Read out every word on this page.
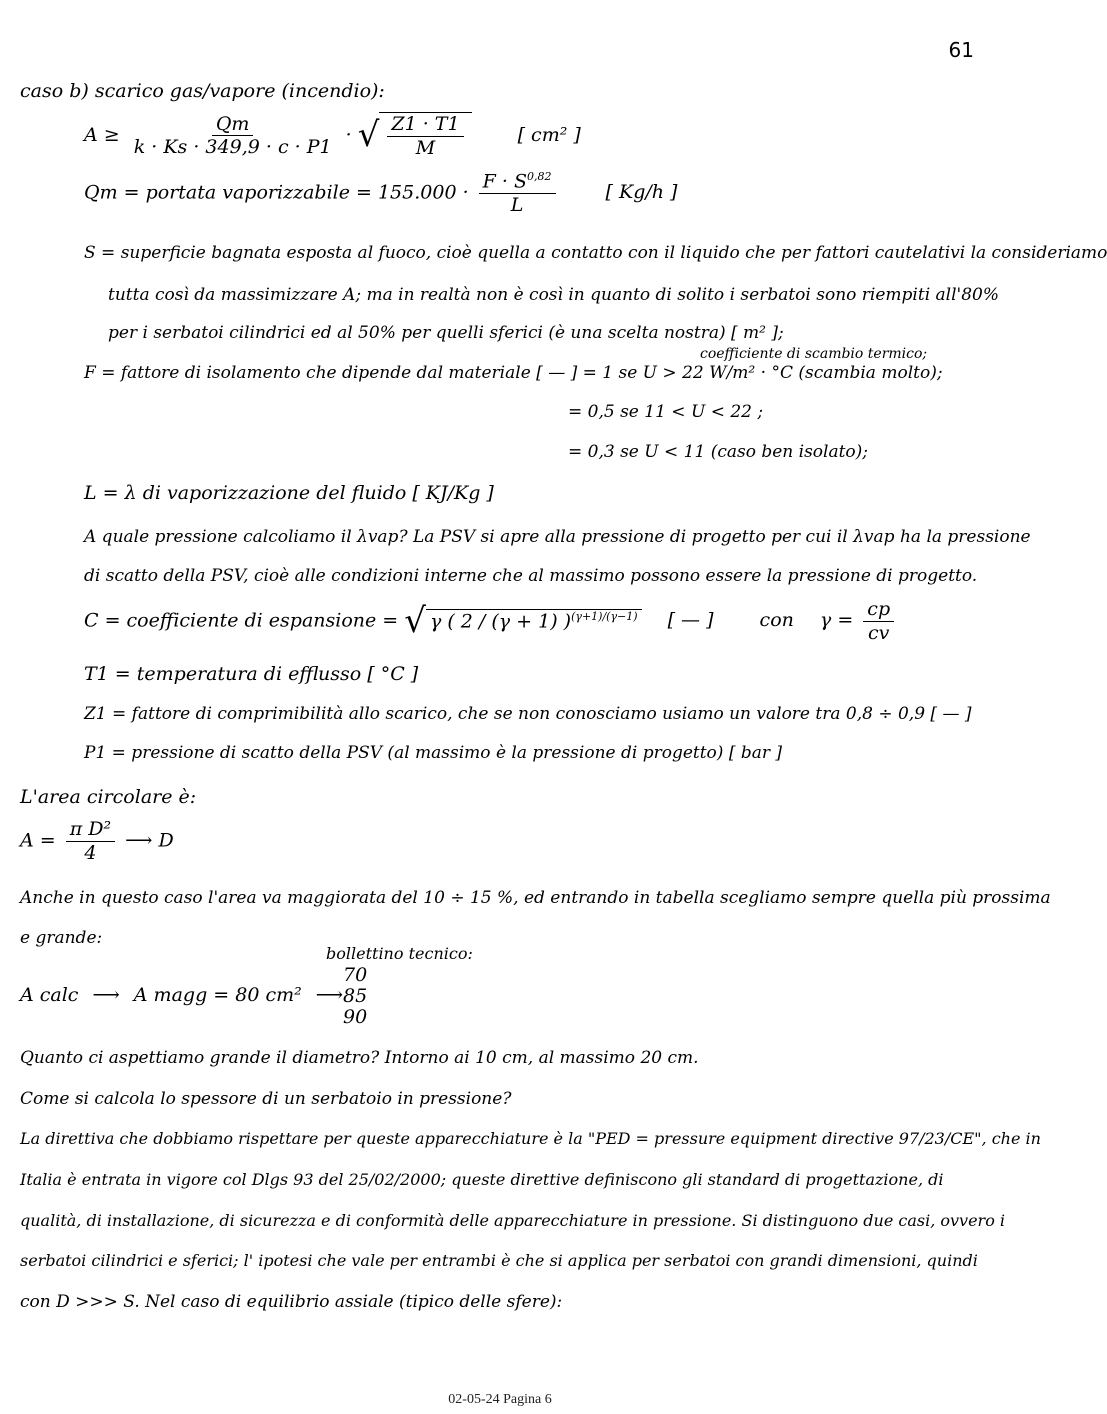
61
caso b) scarico gas/vapore (incendio):
$A \ge \frac{Qm}{k \cdot Ks \cdot 349,9 \cdot c \cdot P1}$ · √ $\frac{Z1 \cdot T1}{M}$	[ cm² ]
Qm = portata vaporizzabile = $155.000 \cdot \frac{F \cdot S^{0,82}}{L}$	[ Kg/h ]
S = superficie bagnata esposta al fuoco, cioè quella a contatto con il liquido che per fattori cautelativi la consideriamo
tutta così da massimizzare A; ma in realtà non è così in quanto di solito i serbatoi sono riempiti all'80%
per i serbatoi cilindrici ed al 50% per quelli sferici (è una scelta nostra) [ m² ];
coefficiente di scambio termico;
F = fattore di isolamento che dipende dal materiale [ — ] = 1 se U > 22 W/m² · °C (scambia molto);
= 0,5 se 11 < U < 22 ;
= 0,3 se U < 11 (caso ben isolato);
L = λ di vaporizzazione del fluido [ KJ/Kg ]
A quale pressione calcoliamo il λvap? La PSV si apre alla pressione di progetto per cui il λvap ha la pressione
di scatto della PSV, cioè alle condizioni interne che al massimo possono essere la pressione di progetto.
C = coefficiente di espansione = √ γ ( 2 / (γ + 1) )$^{(\gamma+1)/(\gamma-1)}$ [ — ] con $\gamma = \frac{cp}{cv}$
T1 = temperatura di efflusso [ °C ]
Z1 = fattore di comprimibilità allo scarico, che se non conosciamo usiamo un valore tra 0,8 ÷ 0,9 [ — ]
P1 = pressione di scatto della PSV (al massimo è la pressione di progetto) [ bar ]
L'area circolare è:
$A = \frac{\text{π D²}}{4}$ ⟶ D
Anche in questo caso l'area va maggiorata del 10 ÷ 15 %, ed entrando in tabella scegliamo sempre quella più prossima
e grande:
bollettino tecnico:
70
85
90
A calc ⟶ A magg = 80 cm² ⟶
Quanto ci aspettiamo grande il diametro? Intorno ai 10 cm, al massimo 20 cm.
Come si calcola lo spessore di un serbatoio in pressione?
La direttiva che dobbiamo rispettare per queste apparecchiature è la "PED = pressure equipment directive 97/23/CE", che in
Italia è entrata in vigore col Dlgs 93 del 25/02/2000; queste direttive definiscono gli standard di progettazione, di
qualità, di installazione, di sicurezza e di conformità delle apparecchiature in pressione. Si distinguono due casi, ovvero i
serbatoi cilindrici e sferici; l' ipotesi che vale per entrambi è che si applica per serbatoi con grandi dimensioni, quindi
con D >>> S. Nel caso di equilibrio assiale (tipico delle sfere):
02-05-24 Pagina 6
